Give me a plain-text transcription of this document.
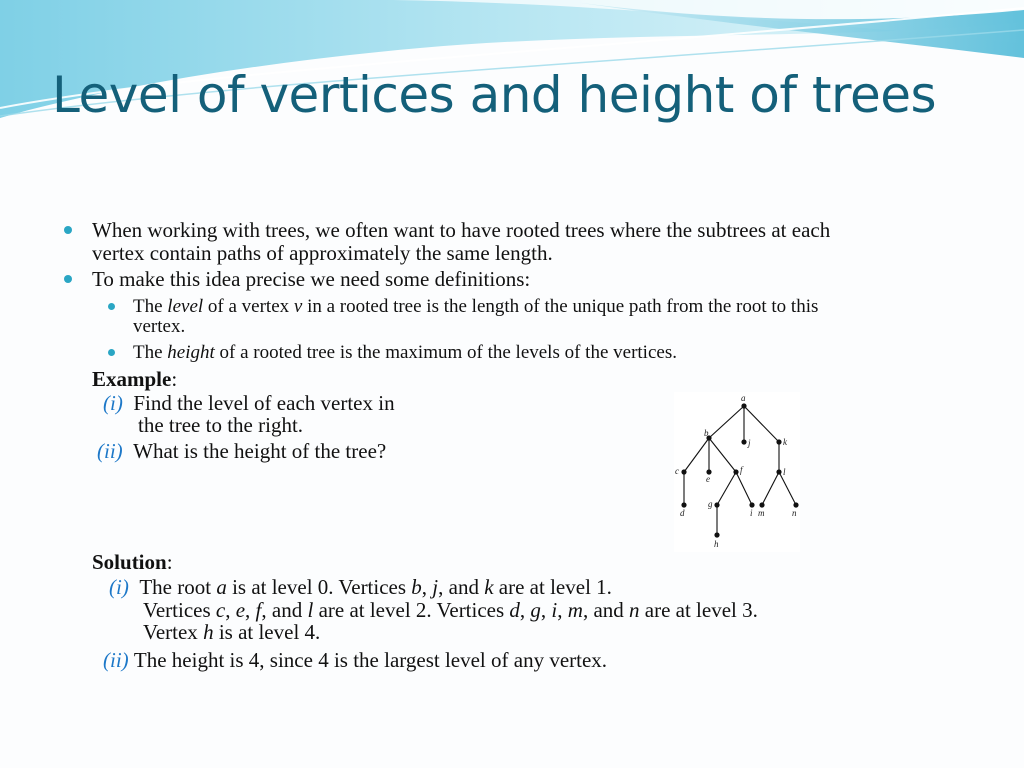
Level of vertices and height of trees
When working with trees, we often want to have rooted trees where the subtrees at each
vertex contain paths of approximately the same length.
To make this idea precise we need some definitions:
The level of a vertex v in a rooted tree is the length of the unique path from the root to this
vertex.
The height of a rooted tree is the maximum of the levels of the vertices.
Example:
(i) Find the level of each vertex in
the tree to the right.
(ii) What is the height of the tree?
a
b
j	k
c
e
f	l
d
g
i m	n
h
Solution:
(i) The root a is at level 0. Vertices b, j, and k are at level 1.
Vertices c, e, f, and l are at level 2. Vertices d, g, i, m, and n are at level 3.
Vertex h is at level 4.
(ii) The height is 4, since 4 is the largest level of any vertex.
